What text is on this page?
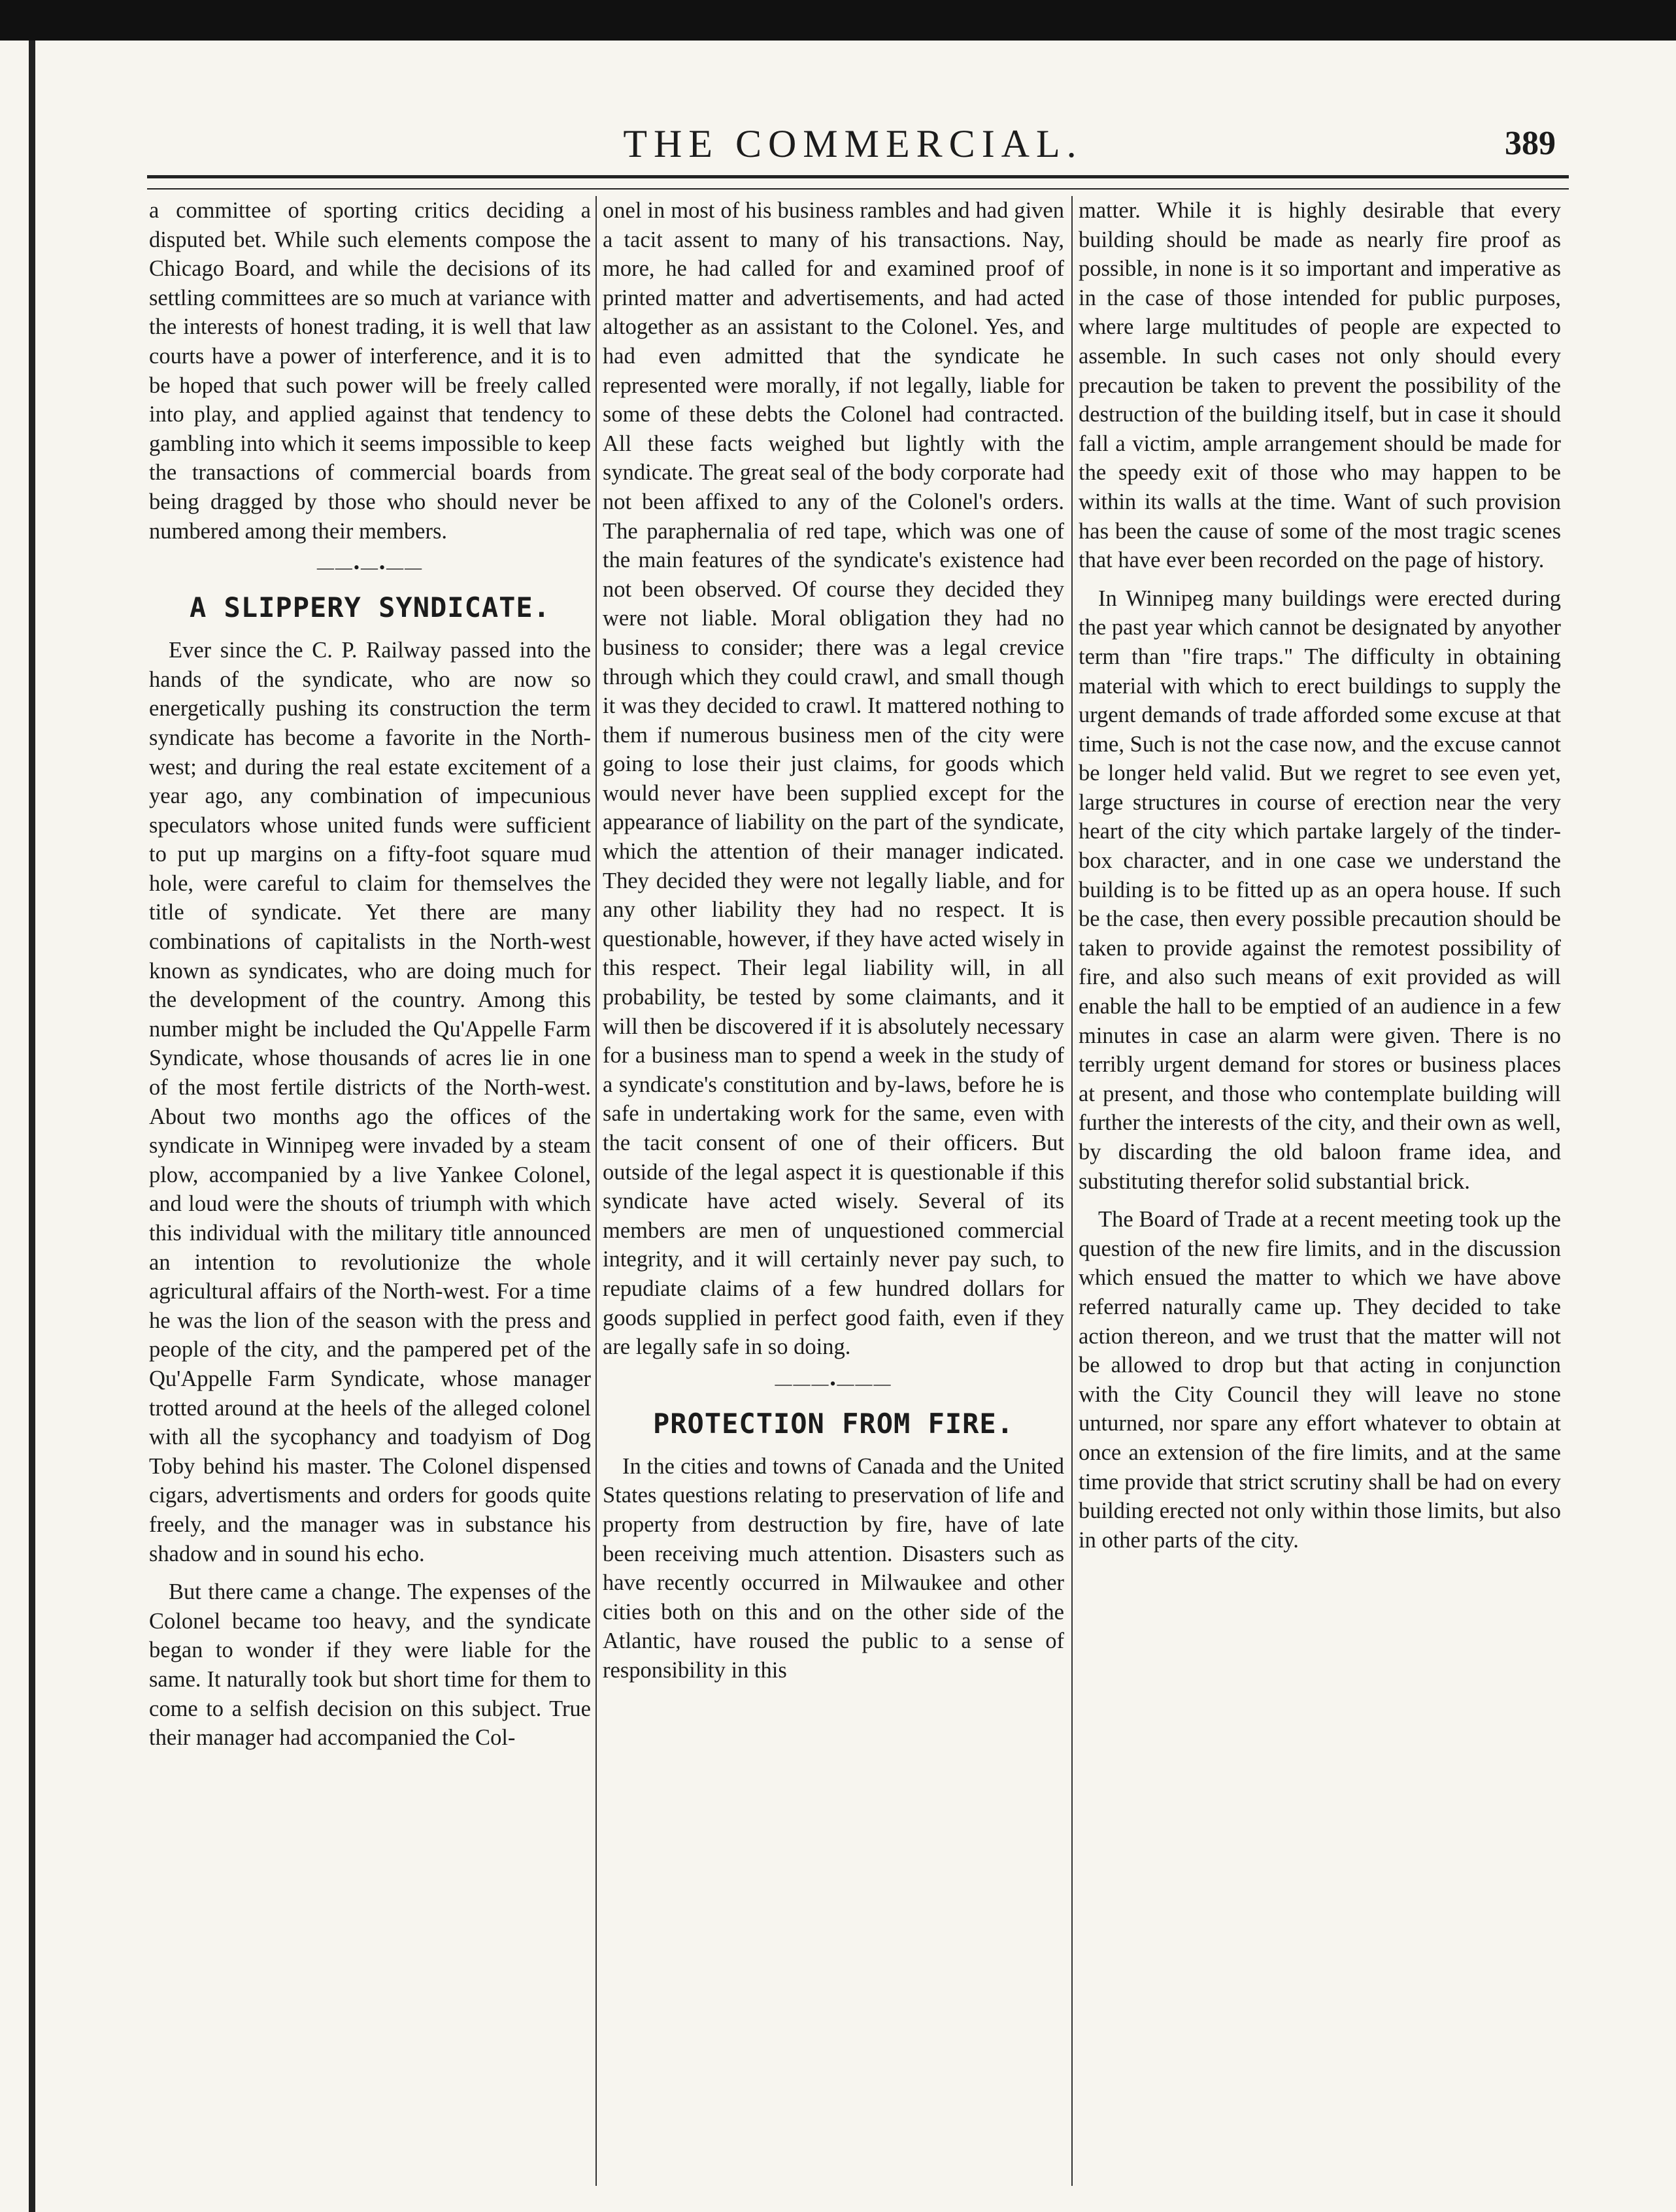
THE COMMERCIAL.	389

a committee of sporting critics deciding a disputed bet. While such elements compose the Chicago Board, and while the decisions of its settling committees are so much at variance with the interests of honest trading, it is well that law courts have a power of interference, and it is to be hoped that such power will be freely called into play, and applied against that tendency to gambling into which it seems impossible to keep the transactions of commercial boards from being dragged by those who should never be numbered among their members.

——•—•——
A SLIPPERY SYNDICATE.

Ever since the C. P. Railway passed into the hands of the syndicate, who are now so energetically pushing its construction the term syndicate has become a favorite in the North-west; and during the real estate excitement of a year ago, any combination of impecunious speculators whose united funds were sufficient to put up margins on a fifty-foot square mud hole, were careful to claim for themselves the title of syndicate. Yet there are many combinations of capitalists in the North-west known as syndicates, who are doing much for the development of the country. Among this number might be included the Qu'Appelle Farm Syndicate, whose thousands of acres lie in one of the most fertile districts of the North-west. About two months ago the offices of the syndicate in Winnipeg were invaded by a steam plow, accompanied by a live Yankee Colonel, and loud were the shouts of triumph with which this individual with the military title announced an intention to revolutionize the whole agricultural affairs of the North-west. For a time he was the lion of the season with the press and people of the city, and the pampered pet of the Qu'Appelle Farm Syndicate, whose manager trotted around at the heels of the alleged colonel with all the sycophancy and toadyism of Dog Toby behind his master. The Colonel dispensed cigars, advertisments and orders for goods quite freely, and the manager was in substance his shadow and in sound his echo.

But there came a change. The expenses of the Colonel became too heavy, and the syndicate began to wonder if they were liable for the same. It naturally took but short time for them to come to a selfish decision on this subject. True their manager had accompanied the Col-

onel in most of his business rambles and had given a tacit assent to many of his transactions. Nay, more, he had called for and examined proof of printed matter and advertisements, and had acted altogether as an assistant to the Colonel. Yes, and had even admitted that the syndicate he represented were morally, if not legally, liable for some of these debts the Colonel had contracted. All these facts weighed but lightly with the syndicate. The great seal of the body corporate had not been affixed to any of the Colonel's orders. The paraphernalia of red tape, which was one of the main features of the syndicate's existence had not been observed. Of course they decided they were not liable. Moral obligation they had no business to consider; there was a legal crevice through which they could crawl, and small though it was they decided to crawl. It mattered nothing to them if numerous business men of the city were going to lose their just claims, for goods which would never have been supplied except for the appearance of liability on the part of the syndicate, which the attention of their manager indicated. They decided they were not legally liable, and for any other liability they had no respect. It is questionable, however, if they have acted wisely in this respect. Their legal liability will, in all probability, be tested by some claimants, and it will then be discovered if it is absolutely necessary for a business man to spend a week in the study of a syndicate's constitution and by-laws, before he is safe in undertaking work for the same, even with the tacit consent of one of their officers. But outside of the legal aspect it is questionable if this syndicate have acted wisely. Several of its members are men of unquestioned commercial integrity, and it will certainly never pay such, to repudiate claims of a few hundred dollars for goods supplied in perfect good faith, even if they are legally safe in so doing.

———•———
PROTECTION FROM FIRE.

In the cities and towns of Canada and the United States questions relating to preservation of life and property from destruction by fire, have of late been receiving much attention. Disasters such as have recently occurred in Milwaukee and other cities both on this and on the other side of the Atlantic, have roused the public to a sense of responsibility in this

matter. While it is highly desirable that every building should be made as nearly fire proof as possible, in none is it so important and imperative as in the case of those intended for public purposes, where large multitudes of people are expected to assemble. In such cases not only should every precaution be taken to prevent the possibility of the destruction of the building itself, but in case it should fall a victim, ample arrangement should be made for the speedy exit of those who may happen to be within its walls at the time. Want of such provision has been the cause of some of the most tragic scenes that have ever been recorded on the page of history.

In Winnipeg many buildings were erected during the past year which cannot be designated by anyother term than "fire traps." The difficulty in obtaining material with which to erect buildings to supply the urgent demands of trade afforded some excuse at that time, Such is not the case now, and the excuse cannot be longer held valid. But we regret to see even yet, large structures in course of erection near the very heart of the city which partake largely of the tinder-box character, and in one case we understand the building is to be fitted up as an opera house. If such be the case, then every possible precaution should be taken to provide against the remotest possibility of fire, and also such means of exit provided as will enable the hall to be emptied of an audience in a few minutes in case an alarm were given. There is no terribly urgent demand for stores or business places at present, and those who contemplate building will further the interests of the city, and their own as well, by discarding the old baloon frame idea, and substituting therefor solid substantial brick.

The Board of Trade at a recent meeting took up the question of the new fire limits, and in the discussion which ensued the matter to which we have above referred naturally came up. They decided to take action thereon, and we trust that the matter will not be allowed to drop but that acting in conjunction with the City Council they will leave no stone unturned, nor spare any effort whatever to obtain at once an extension of the fire limits, and at the same time provide that strict scrutiny shall be had on every building erected not only within those limits, but also in other parts of the city.
